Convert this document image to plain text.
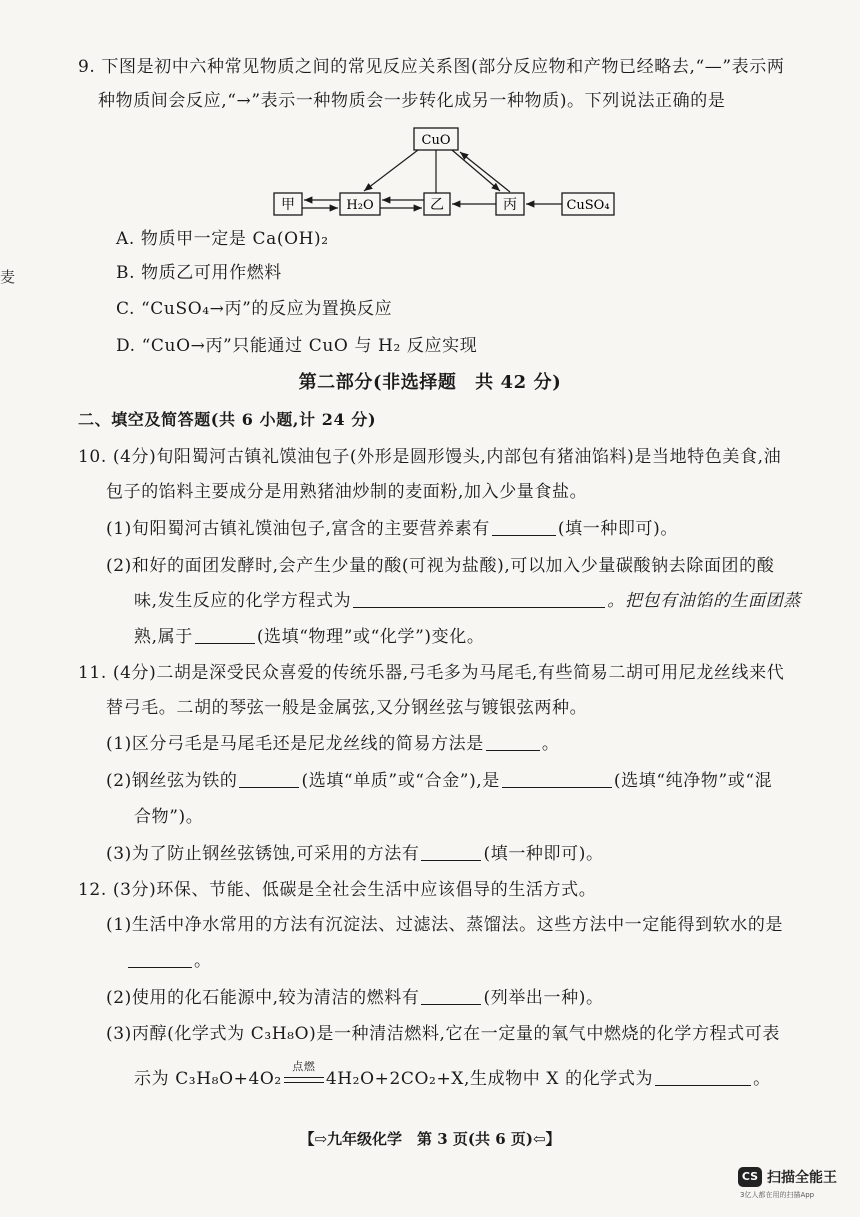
麦
9. 下图是初中六种常见物质之间的常见反应关系图(部分反应物和产物已经略去,“—”表示两
种物质间会反应,“→”表示一种物质会一步转化成另一种物质)。下列说法正确的是
CuO
甲	H₂O	乙	丙	CuSO₄
A. 物质甲一定是 Ca(OH)₂
B. 物质乙可用作燃料
C. “CuSO₄→丙”的反应为置换反应
D. “CuO→丙”只能通过 CuO 与 H₂ 反应实现
第二部分(非选择题　共 42 分)
二、填空及简答题(共 6 小题,计 24 分)
10. (4分)旬阳蜀河古镇礼馍油包子(外形是圆形馒头,内部包有猪油馅料)是当地特色美食,油
包子的馅料主要成分是用熟猪油炒制的麦面粉,加入少量食盐。
(1)旬阳蜀河古镇礼馍油包子,富含的主要营养素有	(填一种即可)。
(2)和好的面团发酵时,会产生少量的酸(可视为盐酸),可以加入少量碳酸钠去除面团的酸
味,发生反应的化学方程式为	。把包有油馅的生面团蒸
熟,属于	(选填“物理”或“化学”)变化。
11. (4分)二胡是深受民众喜爱的传统乐器,弓毛多为马尾毛,有些简易二胡可用尼龙丝线来代
替弓毛。二胡的琴弦一般是金属弦,又分钢丝弦与镀银弦两种。
(1)区分弓毛是马尾毛还是尼龙丝线的简易方法是	。
(2)钢丝弦为铁的	(选填“单质”或“合金”),是	(选填“纯净物”或“混
合物”)。
(3)为了防止钢丝弦锈蚀,可采用的方法有	(填一种即可)。
12. (3分)环保、节能、低碳是全社会生活中应该倡导的生活方式。
(1)生活中净水常用的方法有沉淀法、过滤法、蒸馏法。这些方法中一定能得到软水的是
。
(2)使用的化石能源中,较为清洁的燃料有	(列举出一种)。
(3)丙醇(化学式为 C₃H₈O)是一种清洁燃料,它在一定量的氧气中燃烧的化学方程式可表
示为 C₃H₈O+4O₂
点燃
4H₂O+2CO₂+X,生成物中 X 的化学式为	。
【⇨九年级化学　第 3 页(共 6 页)⇦】
CS 扫描全能王
3亿人都在用的扫描App
